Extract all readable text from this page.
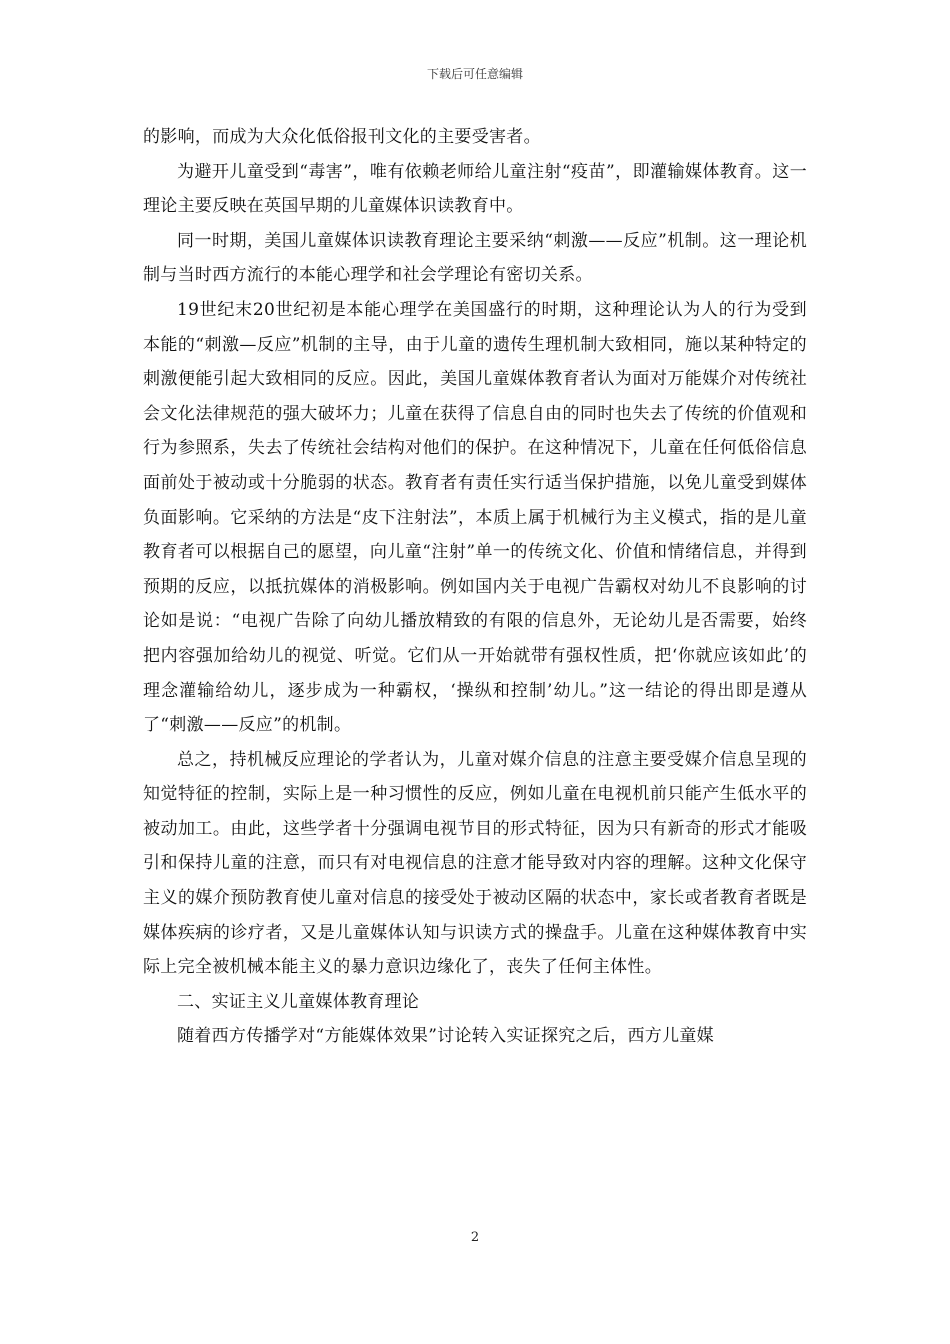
下载后可任意编辑

的影响，而成为大众化低俗报刊文化的主要受害者。

为避开儿童受到“毒害”，唯有依赖老师给儿童注射“疫苗”，即灌输媒体教育。这一理论主要反映在英国早期的儿童媒体识读教育中。

同一时期，美国儿童媒体识读教育理论主要采纳“刺激——反应”机制。这一理论机制与当时西方流行的本能心理学和社会学理论有密切关系。

19世纪末20世纪初是本能心理学在美国盛行的时期，这种理论认为人的行为受到本能的“刺激—反应”机制的主导，由于儿童的遗传生理机制大致相同，施以某种特定的刺激便能引起大致相同的反应。因此，美国儿童媒体教育者认为面对万能媒介对传统社会文化法律规范的强大破坏力；儿童在获得了信息自由的同时也失去了传统的价值观和行为参照系，失去了传统社会结构对他们的保护。在这种情况下，儿童在任何低俗信息面前处于被动或十分脆弱的状态。教育者有责任实行适当保护措施，以免儿童受到媒体负面影响。它采纳的方法是“皮下注射法”，本质上属于机械行为主义模式，指的是儿童教育者可以根据自己的愿望，向儿童“注射”单一的传统文化、价值和情绪信息，并得到预期的反应，以抵抗媒体的消极影响。例如国内关于电视广告霸权对幼儿不良影响的讨论如是说：“电视广告除了向幼儿播放精致的有限的信息外，无论幼儿是否需要，始终把内容强加给幼儿的视觉、听觉。它们从一开始就带有强权性质，把‘你就应该如此’的理念灌输给幼儿，逐步成为一种霸权，‘操纵和控制’幼儿。”这一结论的得出即是遵从了“刺激——反应”的机制。

总之，持机械反应理论的学者认为，儿童对媒介信息的注意主要受媒介信息呈现的知觉特征的控制，实际上是一种习惯性的反应，例如儿童在电视机前只能产生低水平的被动加工。由此，这些学者十分强调电视节目的形式特征，因为只有新奇的形式才能吸引和保持儿童的注意，而只有对电视信息的注意才能导致对内容的理解。这种文化保守主义的媒介预防教育使儿童对信息的接受处于被动区隔的状态中，家长或者教育者既是媒体疾病的诊疗者，又是儿童媒体认知与识读方式的操盘手。儿童在这种媒体教育中实际上完全被机械本能主义的暴力意识边缘化了，丧失了任何主体性。

二、实证主义儿童媒体教育理论

随着西方传播学对“方能媒体效果”讨论转入实证探究之后，西方儿童媒

2
